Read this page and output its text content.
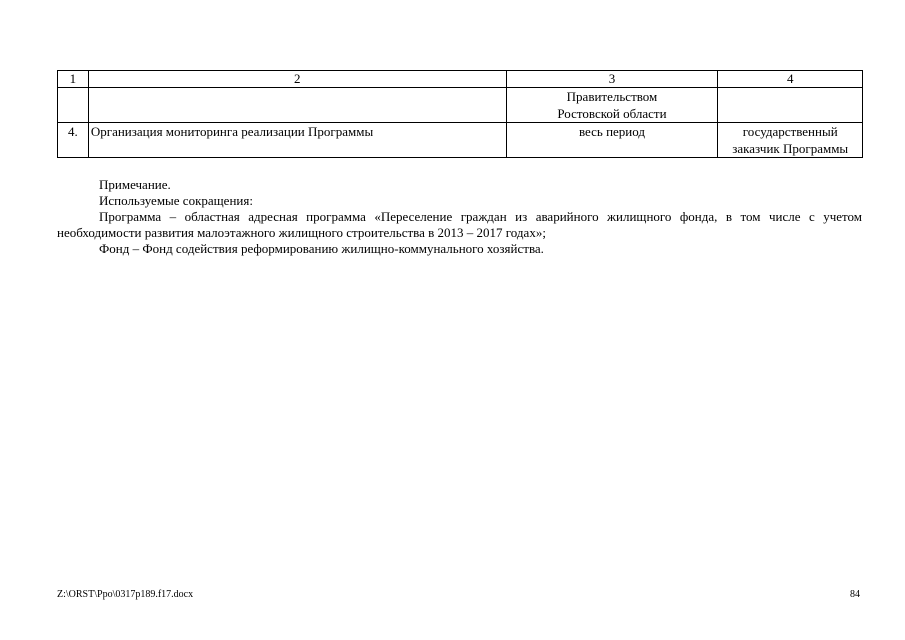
1	2	3	4

		Правительством
Ростовской области	

4.	Организация мониторинга реализации Программы	весь период	государственный
заказчик Программы

Примечание.

Используемые сокращения:

Программа – областная адресная программа «Переселение граждан из аварийного жилищного фонда, в том числе с учетом необходимости развития малоэтажного жилищного строительства в 2013 – 2017 годах»;

Фонд – Фонд содействия реформированию жилищно-коммунального хозяйства.

Z:\ORST\Ppo\0317p189.f17.docx	84
